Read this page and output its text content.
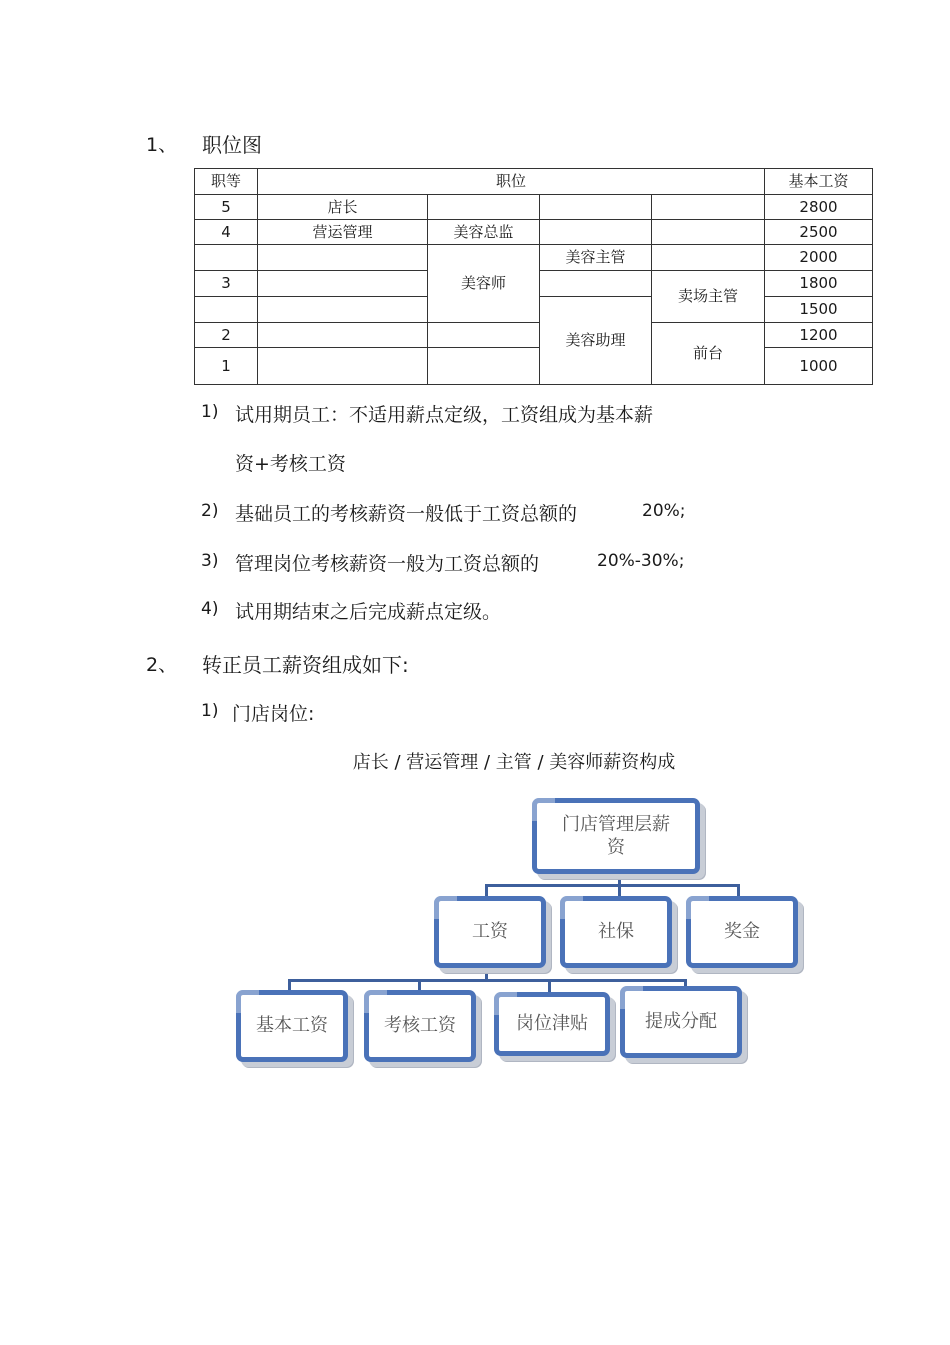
1、 职位图
职等	职位				基本工资
5	店长				2800
4	营运管理	美容总监			2500
		美容师	美容主管		2000
3				卖场主管	1800
			美容助理		1500
2				前台	1200
1					1000
1) 试用期员工：不适用薪点定级，工资组成为基本薪
资+考核工资
2) 基础员工的考核薪资一般低于工资总额的	20%;
3) 管理岗位考核薪资一般为工资总额的	20%-30%;
4) 试用期结束之后完成薪点定级。
2、 转正员工薪资组成如下:
1) 门店岗位:
店长 / 营运管理 / 主管 / 美容师薪资构成
门店管理层薪
资
工资	社保	奖金
基本工资	考核工资	岗位津贴	提成分配
